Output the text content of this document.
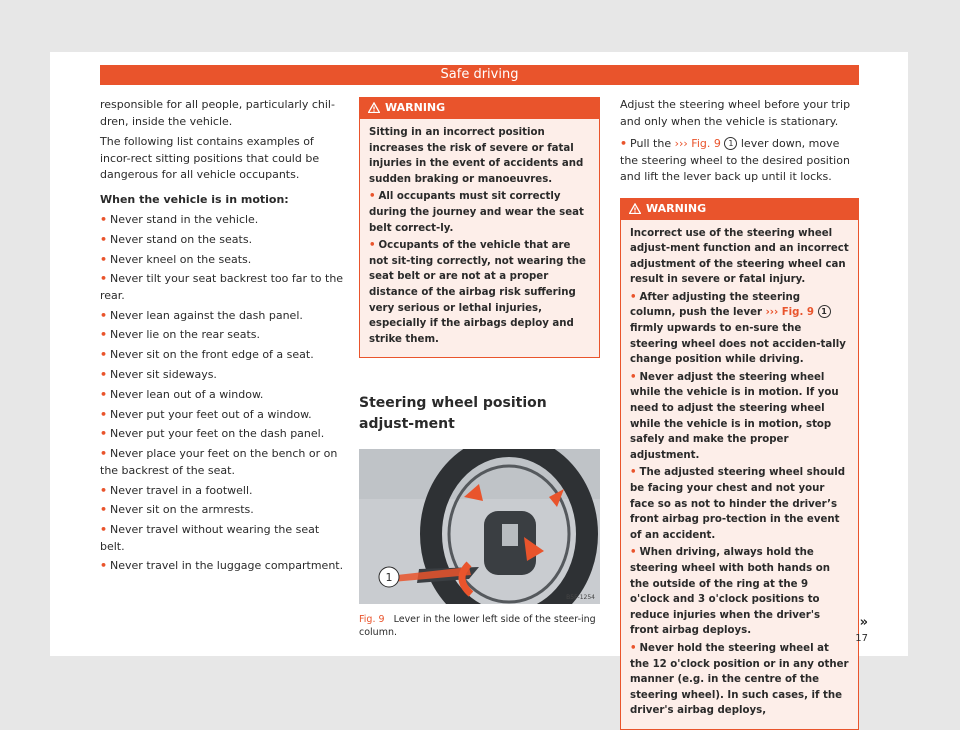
Safe driving

responsible for all people, particularly chil-dren, inside the vehicle.

The following list contains examples of incor-rect sitting positions that could be dangerous for all vehicle occupants.

When the vehicle is in motion:

• Never stand in the vehicle.
• Never stand on the seats.
• Never kneel on the seats.
• Never tilt your seat backrest too far to the rear.
• Never lean against the dash panel.
• Never lie on the rear seats.
• Never sit on the front edge of a seat.
• Never sit sideways.
• Never lean out of a window.
• Never put your feet out of a window.
• Never put your feet on the dash panel.
• Never place your feet on the bench or on the backrest of the seat.
• Never travel in a footwell.
• Never sit on the armrests.
• Never travel without wearing the seat belt.
• Never travel in the luggage compartment.
WARNING
Sitting in an incorrect position increases the risk of severe or fatal injuries in the event of accidents and sudden braking or manoeuvres.
• All occupants must sit correctly during the journey and wear the seat belt correct-ly.
• Occupants of the vehicle that are not sit-ting correctly, not wearing the seat belt or are not at a proper distance of the airbag risk suffering very serious or lethal injuries, especially if the airbags deploy and strike them.
Steering wheel position adjust-ment
1
B5F-1254
Fig. 9 Lever in the lower left side of the steer-ing column.

Adjust the steering wheel before your trip and only when the vehicle is stationary.

• Pull the ››› Fig. 9 1 lever down, move the steering wheel to the desired position and lift the lever back up until it locks.

WARNING
Incorrect use of the steering wheel adjust-ment function and an incorrect adjustment of the steering wheel can result in severe or fatal injury.
• After adjusting the steering column, push the lever ››› Fig. 9 1 firmly upwards to en-sure the steering wheel does not acciden-tally change position while driving.
• Never adjust the steering wheel while the vehicle is in motion. If you need to adjust the steering wheel while the vehicle is in motion, stop safely and make the proper adjustment.
• The adjusted steering wheel should be facing your chest and not your face so as not to hinder the driver’s front airbag pro-tection in the event of an accident.
• When driving, always hold the steering wheel with both hands on the outside of the ring at the 9 o'clock and 3 o'clock positions to reduce injuries when the driver's front airbag deploys.
• Never hold the steering wheel at the 12 o'clock position or in any other manner (e.g. in the centre of the steering wheel). In such cases, if the driver's airbag deploys,
»
17
